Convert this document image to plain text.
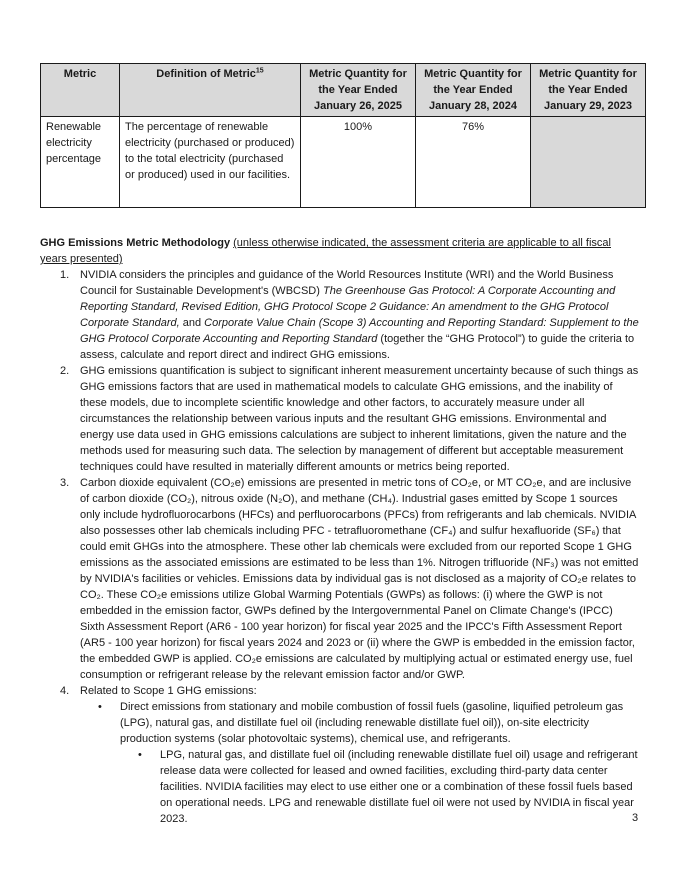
Metric	Definition of Metric$^{15}$	Metric Quantity for the Year Ended January 26, 2025	Metric Quantity for the Year Ended January 28, 2024	Metric Quantity for the Year Ended January 29, 2023
Renewable electricity percentage	The percentage of renewable electricity (purchased or produced) to the total electricity (purchased or produced) used in our facilities.	100%	76%	
GHG Emissions Metric Methodology (unless otherwise indicated, the assessment criteria are applicable to all fiscal years presented)
1. NVIDIA considers the principles and guidance of the World Resources Institute (WRI) and the World Business Council for Sustainable Development's (WBCSD) The Greenhouse Gas Protocol: A Corporate Accounting and Reporting Standard, Revised Edition, GHG Protocol Scope 2 Guidance: An amendment to the GHG Protocol Corporate Standard, and Corporate Value Chain (Scope 3) Accounting and Reporting Standard: Supplement to the GHG Protocol Corporate Accounting and Reporting Standard (together the “GHG Protocol”) to guide the criteria to assess, calculate and report direct and indirect GHG emissions.
2. GHG emissions quantification is subject to significant inherent measurement uncertainty because of such things as GHG emissions factors that are used in mathematical models to calculate GHG emissions, and the inability of these models, due to incomplete scientific knowledge and other factors, to accurately measure under all circumstances the relationship between various inputs and the resultant GHG emissions. Environmental and energy use data used in GHG emissions calculations are subject to inherent limitations, given the nature and the methods used for measuring such data. The selection by management of different but acceptable measurement techniques could have resulted in materially different amounts or metrics being reported.
3. Carbon dioxide equivalent (CO₂e) emissions are presented in metric tons of CO₂e, or MT CO₂e, and are inclusive of carbon dioxide (CO₂), nitrous oxide (N₂O), and methane (CH₄). Industrial gases emitted by Scope 1 sources only include hydrofluorocarbons (HFCs) and perfluorocarbons (PFCs) from refrigerants and lab chemicals. NVIDIA also possesses other lab chemicals including PFC - tetrafluoromethane (CF₄) and sulfur hexafluoride (SF₆) that could emit GHGs into the atmosphere. These other lab chemicals were excluded from our reported Scope 1 GHG emissions as the associated emissions are estimated to be less than 1%. Nitrogen trifluoride (NF₃) was not emitted by NVIDIA's facilities or vehicles. Emissions data by individual gas is not disclosed as a majority of CO₂e relates to CO₂. These CO₂e emissions utilize Global Warming Potentials (GWPs) as follows: (i) where the GWP is not embedded in the emission factor, GWPs defined by the Intergovernmental Panel on Climate Change's (IPCC) Sixth Assessment Report (AR6 - 100 year horizon) for fiscal year 2025 and the IPCC's Fifth Assessment Report (AR5 - 100 year horizon) for fiscal years 2024 and 2023 or (ii) where the GWP is embedded in the emission factor, the embedded GWP is applied. CO₂e emissions are calculated by multiplying actual or estimated energy use, fuel consumption or refrigerant release by the relevant emission factor and/or GWP.
4. Related to Scope 1 GHG emissions:
• Direct emissions from stationary and mobile combustion of fossil fuels (gasoline, liquified petroleum gas (LPG), natural gas, and distillate fuel oil (including renewable distillate fuel oil)), on-site electricity production systems (solar photovoltaic systems), chemical use, and refrigerants.
• LPG, natural gas, and distillate fuel oil (including renewable distillate fuel oil) usage and refrigerant release data were collected for leased and owned facilities, excluding third-party data center facilities. NVIDIA facilities may elect to use either one or a combination of these fossil fuels based on operational needs. LPG and renewable distillate fuel oil were not used by NVIDIA in fiscal year 2023.	3
